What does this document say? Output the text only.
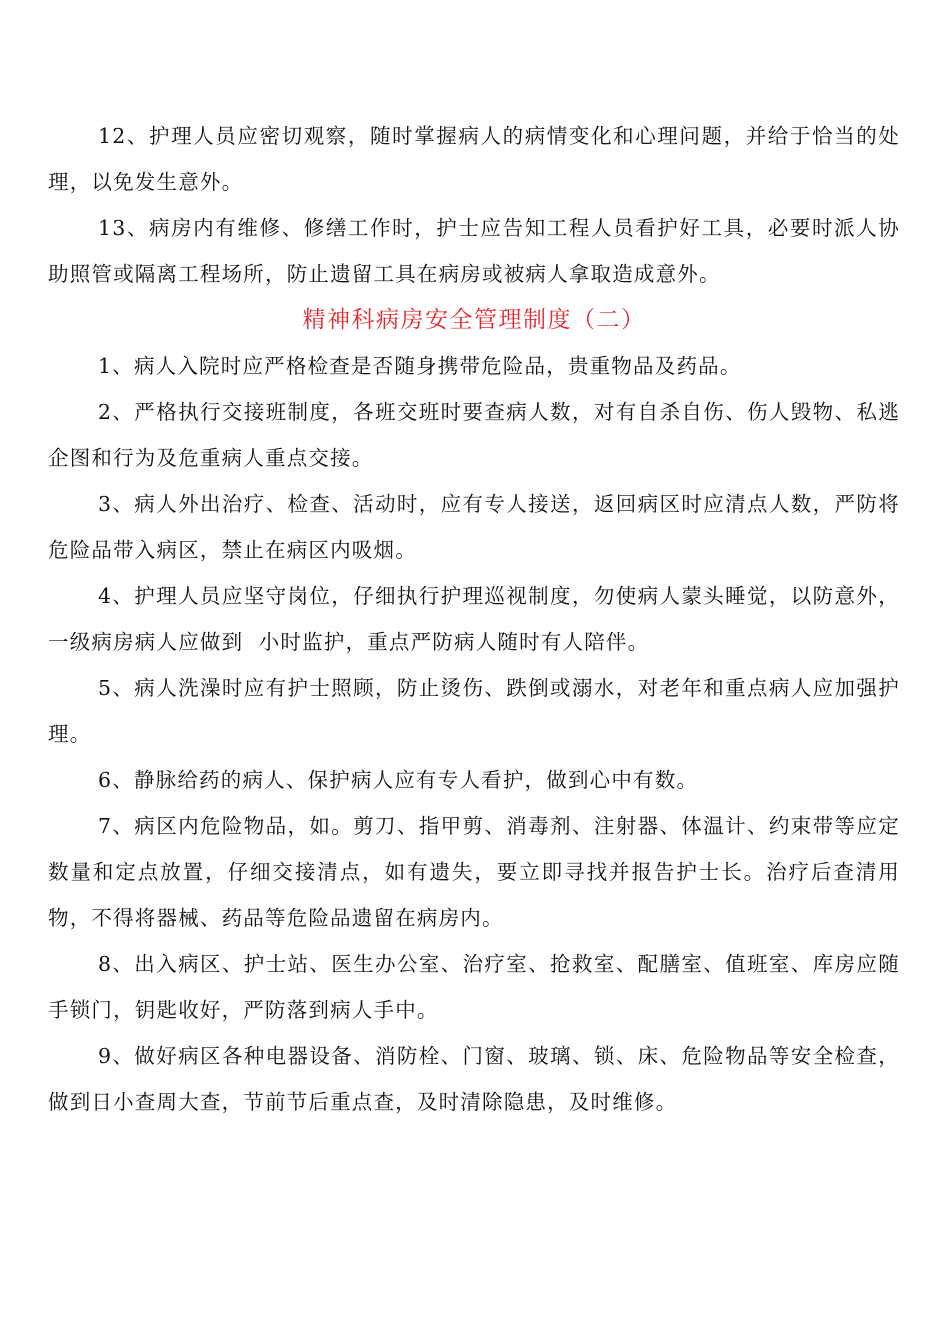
12、护理人员应密切观察，随时掌握病人的病情变化和心理问题，并给于恰当的处理，以免发生意外。

13、病房内有维修、修缮工作时，护士应告知工程人员看护好工具，必要时派人协助照管或隔离工程场所，防止遗留工具在病房或被病人拿取造成意外。

精神科病房安全管理制度（二）

1、病人入院时应严格检查是否随身携带危险品，贵重物品及药品。

2、严格执行交接班制度，各班交班时要查病人数，对有自杀自伤、伤人毁物、私逃企图和行为及危重病人重点交接。

3、病人外出治疗、检查、活动时，应有专人接送，返回病区时应清点人数，严防将危险品带入病区，禁止在病区内吸烟。

4、护理人员应坚守岗位，仔细执行护理巡视制度，勿使病人蒙头睡觉，以防意外，一级病房病人应做到  小时监护，重点严防病人随时有人陪伴。

5、病人洗澡时应有护士照顾，防止烫伤、跌倒或溺水，对老年和重点病人应加强护理。

6、静脉给药的病人、保护病人应有专人看护，做到心中有数。

7、病区内危险物品，如。剪刀、指甲剪、消毒剂、注射器、体温计、约束带等应定数量和定点放置，仔细交接清点，如有遗失，要立即寻找并报告护士长。治疗后查清用物，不得将器械、药品等危险品遗留在病房内。

8、出入病区、护士站、医生办公室、治疗室、抢救室、配膳室、值班室、库房应随手锁门，钥匙收好，严防落到病人手中。

9、做好病区各种电器设备、消防栓、门窗、玻璃、锁、床、危险物品等安全检查，做到日小查周大查，节前节后重点查，及时清除隐患，及时维修。
